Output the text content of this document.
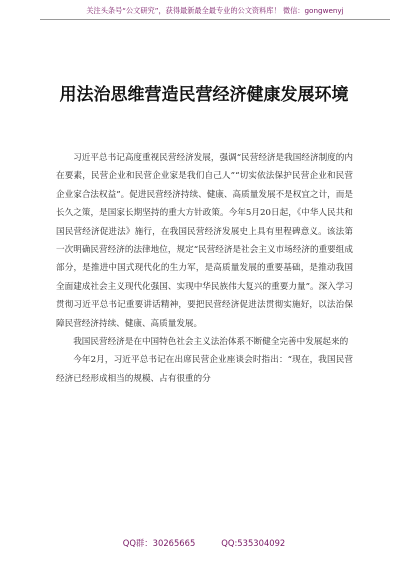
关注头条号“公文研究”，获得最新最全最专业的公文资料库！ 微信：gongwenyj
用法治思维营造民营经济健康发展环境

习近平总书记高度重视民营经济发展，强调“民营经济是我国经济制度的内在要素，民营企业和民营企业家是我们自己人”“切实依法保护民营企业和民营企业家合法权益”。促进民营经济持续、健康、高质量发展不是权宜之计，而是长久之策，是国家长期坚持的重大方针政策。今年5月20日起，《中华人民共和国民营经济促进法》施行，在我国民营经济发展史上具有里程碑意义。该法第一次明确民营经济的法律地位，规定“民营经济是社会主义市场经济的重要组成部分，是推进中国式现代化的生力军，是高质量发展的重要基础，是推动我国全面建成社会主义现代化强国、实现中华民族伟大复兴的重要力量”。深入学习贯彻习近平总书记重要讲话精神，要把民营经济促进法贯彻实施好，以法治保障民营经济持续、健康、高质量发展。

我国民营经济是在中国特色社会主义法治体系不断健全完善中发展起来的

今年2月，习近平总书记在出席民营企业座谈会时指出：“现在，我国民营经济已经形成相当的规模、占有很重的分

QQ群：30265665	QQ:535304092
